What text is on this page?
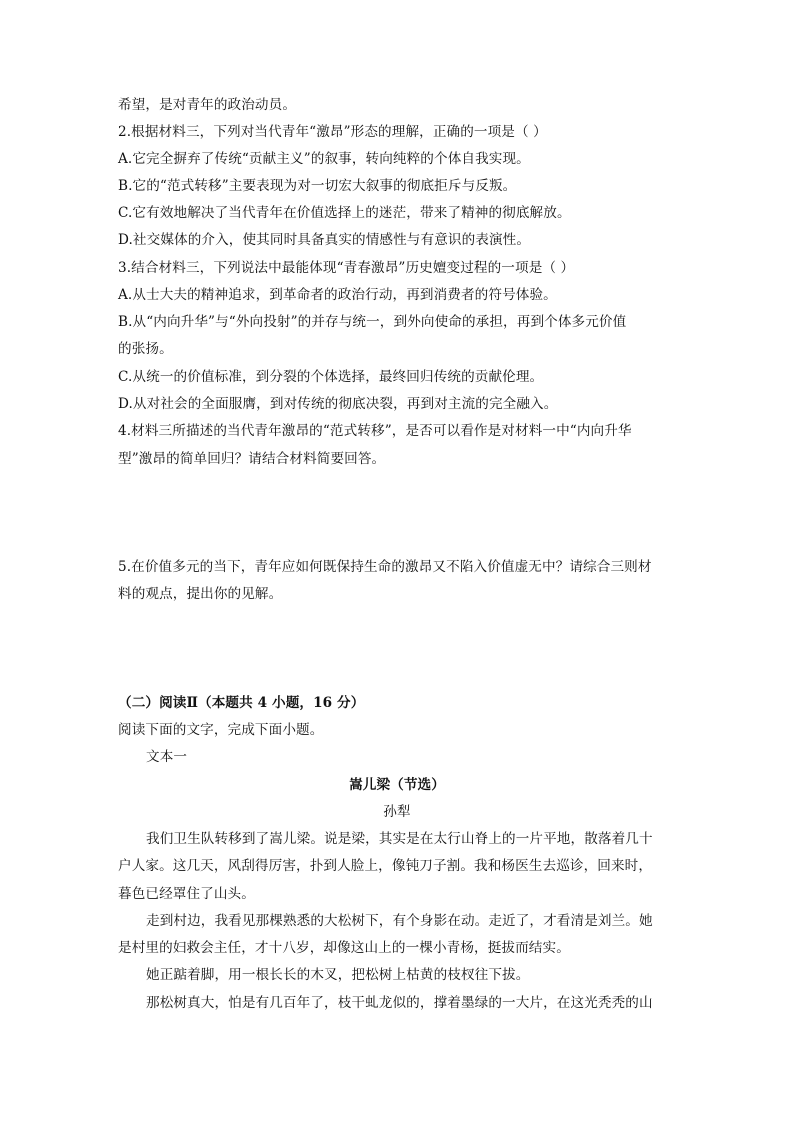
希望，是对青年的政治动员。
2.根据材料三，下列对当代青年“激昂”形态的理解，正确的一项是（ ）
A.它完全摒弃了传统“贡献主义”的叙事，转向纯粹的个体自我实现。
B.它的“范式转移”主要表现为对一切宏大叙事的彻底拒斥与反叛。
C.它有效地解决了当代青年在价值选择上的迷茫，带来了精神的彻底解放。
D.社交媒体的介入，使其同时具备真实的情感性与有意识的表演性。
3.结合材料三，下列说法中最能体现“青春激昂”历史嬗变过程的一项是（ ）
A.从士大夫的精神追求，到革命者的政治行动，再到消费者的符号体验。
B.从“内向升华”与“外向投射”的并存与统一，到外向使命的承担，再到个体多元价值
的张扬。
C.从统一的价值标准，到分裂的个体选择，最终回归传统的贡献伦理。
D.从对社会的全面服膺，到对传统的彻底决裂，再到对主流的完全融入。
4.材料三所描述的当代青年激昂的“范式转移”，是否可以看作是对材料一中“内向升华
型”激昂的简单回归？请结合材料简要回答。
5.在价值多元的当下，青年应如何既保持生命的激昂又不陷入价值虚无中？请综合三则材
料的观点，提出你的见解。
（二）阅读Ⅱ（本题共 4 小题，16 分）
阅读下面的文字，完成下面小题。
文本一
嵩儿梁（节选）
孙犁
我们卫生队转移到了嵩儿梁。说是梁，其实是在太行山脊上的一片平地，散落着几十
户人家。这几天，风刮得厉害，扑到人脸上，像钝刀子割。我和杨医生去巡诊，回来时，
暮色已经罩住了山头。
走到村边，我看见那棵熟悉的大松树下，有个身影在动。走近了，才看清是刘兰。她
是村里的妇救会主任，才十八岁，却像这山上的一棵小青杨，挺拔而结实。
她正踮着脚，用一根长长的木叉，把松树上枯黄的枝杈往下拔。
那松树真大，怕是有几百年了，枝干虬龙似的，撑着墨绿的一大片，在这光秃秃的山
